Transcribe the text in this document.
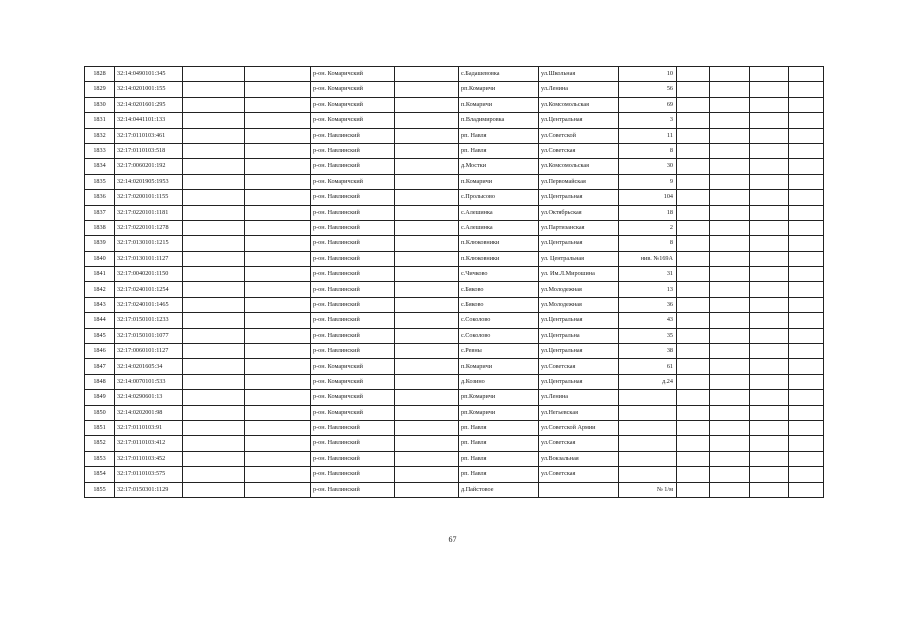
1828	32:14:0490101:345			р-он. Комаричский		с.Бадашевовка	ул.Школьная	10				
1829	32:14:0201001:155			р-он. Комаричский		рп.Комаричи	ул.Ленина	56				
1830	32:14:0201601:295			р-он. Комаричский		п.Комаричи	ул.Комсомольская	69				
1831	32:14:0441101:133			р-он. Комаричский		п.Владимировка	ул.Центральная	3				
1832	32:17:0110103:461			р-он. Навлинский		рп. Навля	ул.Советской	11				
1833	32:17:0110103:518			р-он. Навлинский		рп. Навля	ул.Советская	8				
1834	32:17:0060201:192			р-он. Навлинский		д.Мостки	ул.Комсомольская	30				
1835	32:14:0201905:1953			р-он. Комаричский		п.Комаричи	ул.Первомайская	9				
1836	32:17:0200101:1155			р-он. Навлинский		с.Пролысово	ул.Центральная	104				
1837	32:17:0220101:1181			р-он. Навлинский		с.Алешинка	ул.Октябрьская	18				
1838	32:17:0220101:1278			р-он. Навлинский		с.Алешинка	ул.Партизанская	2				
1839	32:17:0130101:1215			р-он. Навлинский		п.Клюковники	ул.Центральная	8				
1840	32:17:0130101:1127			р-он. Навлинский		п.Клюковники	ул. Центральная	нив. №169А				
1841	32:17:0040201:1150			р-он. Навлинский		с.Чичково	ул. Им.Л.Мирошина	31				
1842	32:17:0240101:1254			р-он. Навлинский		с.Бяково	ул.Молодежная	13				
1843	32:17:0240101:1465			р-он. Навлинский		с.Бяково	ул.Молодежная	36				
1844	32:17:0150101:1233			р-он. Навлинский		с.Соколово	ул.Центральная	43				
1845	32:17:0150101:1077			р-он. Навлинский		с.Соколово	ул.Центральна	35				
1846	32:17:0060101:1127			р-он. Навлинский		с.Ревны	ул.Центральная	38				
1847	32:14:0201605:34			р-он. Комаричский		п.Комаричи	ул.Советская	61				
1848	32:14:0070101:533			р-он. Комаричский		д.Козино	ул.Центральная	д.24				
1849	32:14:0290601:13			р-он. Комаричский		рп.Комаричи	ул.Ленина					
1850	32:14:0202001:98			р-он. Комаричский		рп.Комаричи	ул.Негьевская					
1851	32:17:0110103:91			р-он. Навлинский		рп. Навля	ул.Советской Армии					
1852	32:17:0110103:412			р-он. Навлинский		рп. Навля	ул.Советская					
1853	32:17:0110103:452			р-он. Навлинский		рп. Навля	ул.Вокзальная					
1854	32:17:0110103:575			р-он. Навлинский		рп. Навля	ул.Советская					
1855	32:17:0150301:1129			р-он. Навлинский		д.Пайстовое		№ 1/м				
67
